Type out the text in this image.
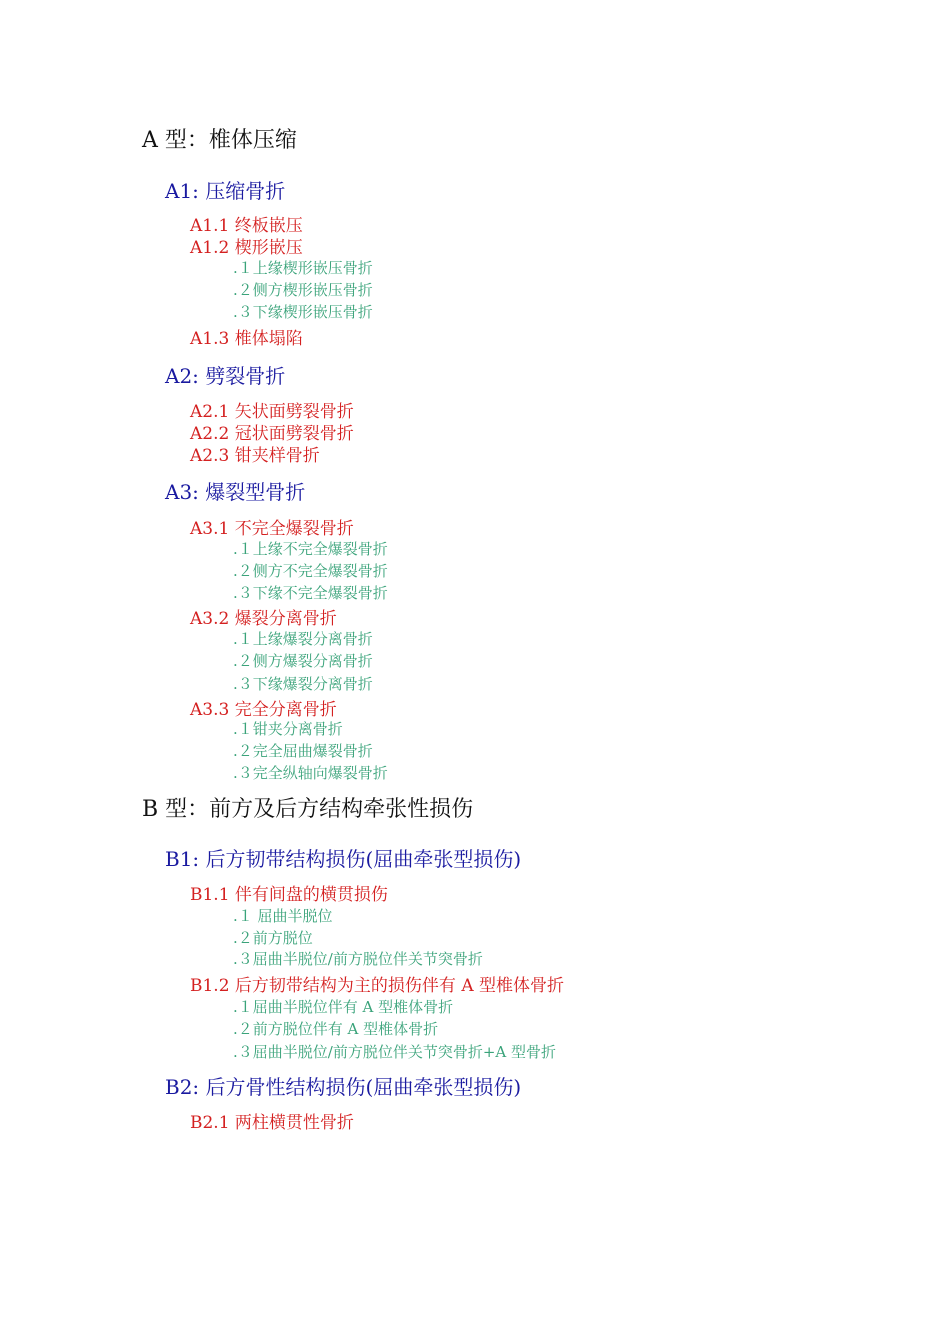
A 型：椎体压缩
A1: 压缩骨折
A1.1 终板嵌压
A1.2 楔形嵌压
.１上缘楔形嵌压骨折
.２侧方楔形嵌压骨折
.３下缘楔形嵌压骨折
A1.3 椎体塌陷
A2: 劈裂骨折
A2.1 矢状面劈裂骨折
A2.2 冠状面劈裂骨折
A2.3 钳夹样骨折
A3: 爆裂型骨折
A3.1 不完全爆裂骨折
.１上缘不完全爆裂骨折
.２侧方不完全爆裂骨折
.３下缘不完全爆裂骨折
A3.2 爆裂分离骨折
.１上缘爆裂分离骨折
.２侧方爆裂分离骨折
.３下缘爆裂分离骨折
A3.3 完全分离骨折
.１钳夹分离骨折
.２完全屈曲爆裂骨折
.３完全纵轴向爆裂骨折
B 型：前方及后方结构牵张性损伤
B1: 后方韧带结构损伤(屈曲牵张型损伤)
B1.1 伴有间盘的横贯损伤
.１ 屈曲半脱位
.２前方脱位
.３屈曲半脱位/前方脱位伴关节突骨折
B1.2 后方韧带结构为主的损伤伴有 A 型椎体骨折
.１屈曲半脱位伴有 A 型椎体骨折
.２前方脱位伴有 A 型椎体骨折
.３屈曲半脱位/前方脱位伴关节突骨折+A 型骨折
B2: 后方骨性结构损伤(屈曲牵张型损伤)
B2.1 两柱横贯性骨折
